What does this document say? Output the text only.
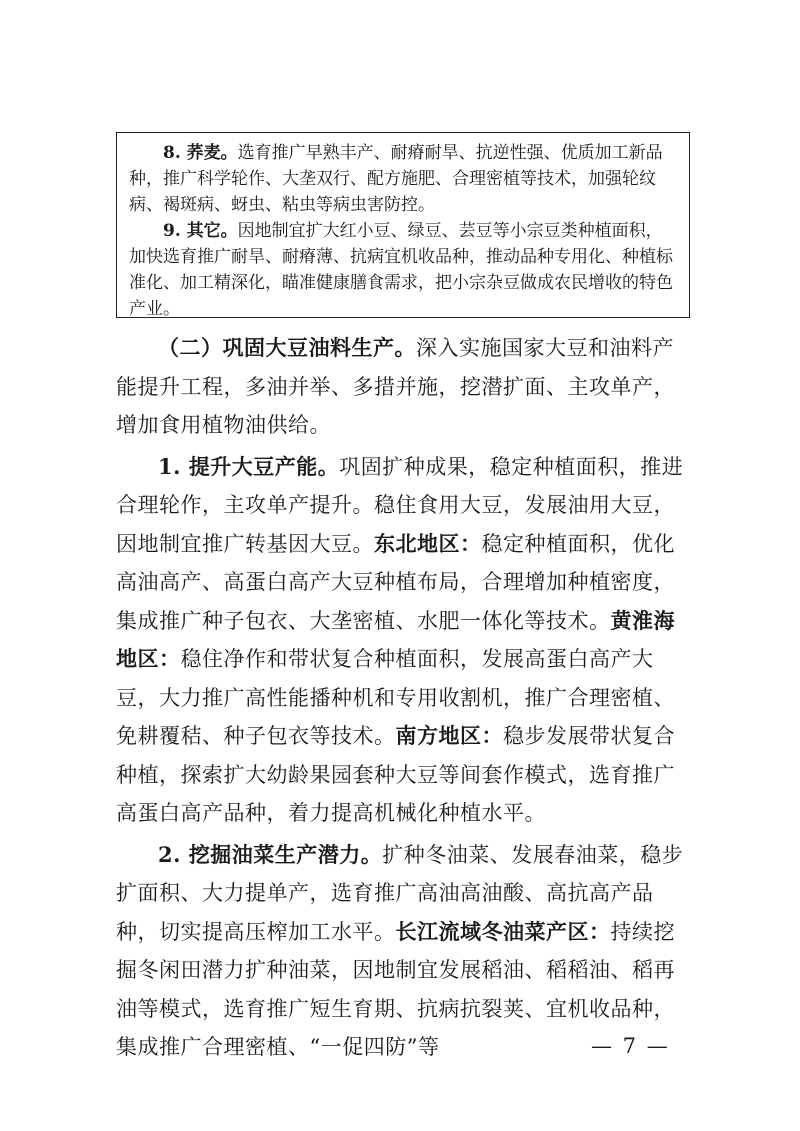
8. 荞麦。选育推广早熟丰产、耐瘠耐旱、抗逆性强、优质加工新品种，推广科学轮作、大垄双行、配方施肥、合理密植等技术，加强轮纹病、褐斑病、蚜虫、粘虫等病虫害防控。

9. 其它。因地制宜扩大红小豆、绿豆、芸豆等小宗豆类种植面积，加快选育推广耐旱、耐瘠薄、抗病宜机收品种，推动品种专用化、种植标准化、加工精深化，瞄准健康膳食需求，把小宗杂豆做成农民增收的特色产业。

（二）巩固大豆油料生产。深入实施国家大豆和油料产能提升工程，多油并举、多措并施，挖潜扩面、主攻单产，增加食用植物油供给。

1. 提升大豆产能。巩固扩种成果，稳定种植面积，推进合理轮作，主攻单产提升。稳住食用大豆，发展油用大豆，因地制宜推广转基因大豆。东北地区：稳定种植面积，优化高油高产、高蛋白高产大豆种植布局，合理增加种植密度，集成推广种子包衣、大垄密植、水肥一体化等技术。黄淮海地区：稳住净作和带状复合种植面积，发展高蛋白高产大豆，大力推广高性能播种机和专用收割机，推广合理密植、免耕覆秸、种子包衣等技术。南方地区：稳步发展带状复合种植，探索扩大幼龄果园套种大豆等间套作模式，选育推广高蛋白高产品种，着力提高机械化种植水平。

2. 挖掘油菜生产潜力。扩种冬油菜、发展春油菜，稳步扩面积、大力提单产，选育推广高油高油酸、高抗高产品种，切实提高压榨加工水平。长江流域冬油菜产区：持续挖掘冬闲田潜力扩种油菜，因地制宜发展稻油、稻稻油、稻再油等模式，选育推广短生育期、抗病抗裂荚、宜机收品种，集成推广合理密植、“一促四防”等	— 7 —
